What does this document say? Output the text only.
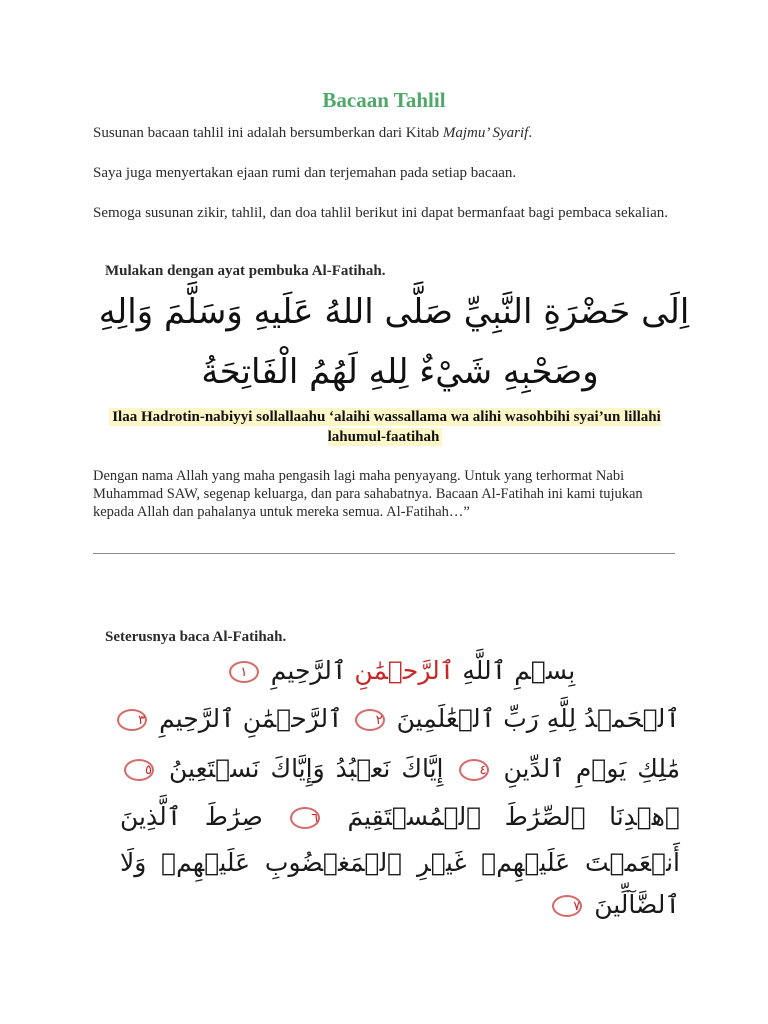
Bacaan Tahlil
Susunan bacaan tahlil ini adalah bersumberkan dari Kitab Majmu’ Syarif.
Saya juga menyertakan ejaan rumi dan terjemahan pada setiap bacaan.
Semoga susunan zikir, tahlil, dan doa tahlil berikut ini dapat bermanfaat bagi pembaca sekalian.
Mulakan dengan ayat pembuka Al-Fatihah.
اِلَى حَضْرَةِ النَّبِيِّ صَلَّى اللهُ عَلَيهِ وَسَلَّمَ وَالِهِ
وصَحْبِهِ شَيْءٌ لِلهِ لَهُمُ الْفَاتِحَةُ
Ilaa Hadrotin-nabiyyi sollallaahu ‘alaihi wassallama wa alihi wasohbihi syai’un lillahi lahumul-faatihah
Dengan nama Allah yang maha pengasih lagi maha penyayang. Untuk yang terhormat Nabi Muhammad SAW, segenap keluarga, dan para sahabatnya. Bacaan Al-Fatihah ini kami tujukan kepada Allah dan pahalanya untuk mereka semua. Al-Fatihah…”
Seterusnya baca Al-Fatihah.
بِسۡمِ ٱللَّهِ ٱلرَّحۡمَٰنِ ٱلرَّحِيمِ ١
ٱلۡحَمۡدُ لِلَّهِ رَبِّ ٱلۡعَٰلَمِينَ ٢ ٱلرَّحۡمَٰنِ ٱلرَّحِيمِ ٣
مَٰلِكِ يَوۡمِ ٱلدِّينِ ٤ إِيَّاكَ نَعۡبُدُ وَإِيَّاكَ نَسۡتَعِينُ ٥
ٱهۡدِنَا ٱلصِّرَٰطَ ٱلۡمُسۡتَقِيمَ ٦ صِرَٰطَ ٱلَّذِينَ
أَنۡعَمۡتَ عَلَيۡهِمۡ غَيۡرِ ٱلۡمَغۡضُوبِ عَلَيۡهِمۡ وَلَا
ٱلضَّآلِّينَ ٧
